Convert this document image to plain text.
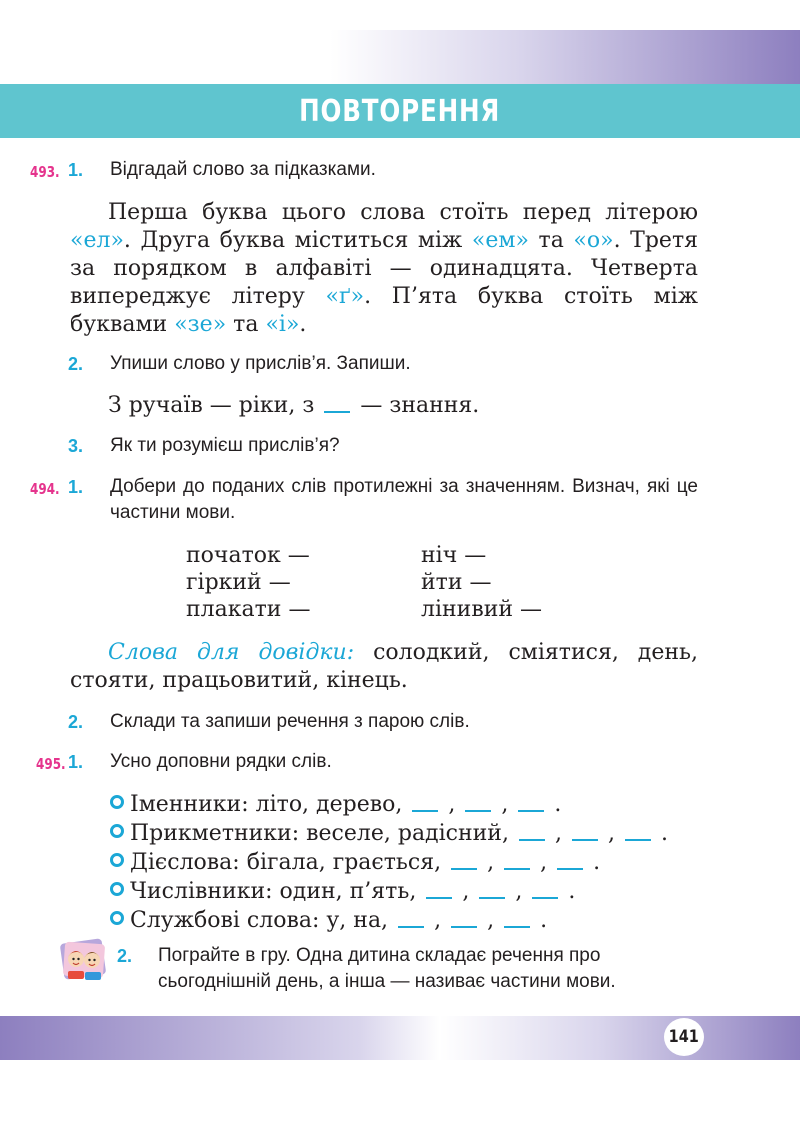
ПОВТОРЕННЯ
493. 1. Відгадай слово за підказками.
Перша буква цього слова стоїть перед літерою «ел». Друга буква міститься між «ем» та «о». Третя за порядком в алфавіті — одинадцята. Четверта випереджує літеру «ґ». П’ята буква стоїть між буквами «зе» та «і».
2. Упиши слово у прислів’я. Запиши.
З ручаїв — ріки, з — знання.
3. Як ти розумієш прислів’я?
494. 1. Добери до поданих слів протилежні за значенням. Визнач, які це частини мови.
початок —
гіркий —
плакати —
ніч —
йти —
лінивий —
Слова для довідки: солодкий, сміятися, день, стояти, працьовитий, кінець.
2. Склади та запиши речення з парою слів.
495. 1. Усно доповни рядки слів.
Іменники: літо, дерево, , , .
Прикметники: веселе, радісний, , , .
Дієслова: бігала, грається, , , .
Числівники: один, п’ять, , , .
Службові слова: у, на, , , .
2. Пограйте в гру. Одна дитина складає речення про сьогоднішній день, а інша — називає частини мови.
141
